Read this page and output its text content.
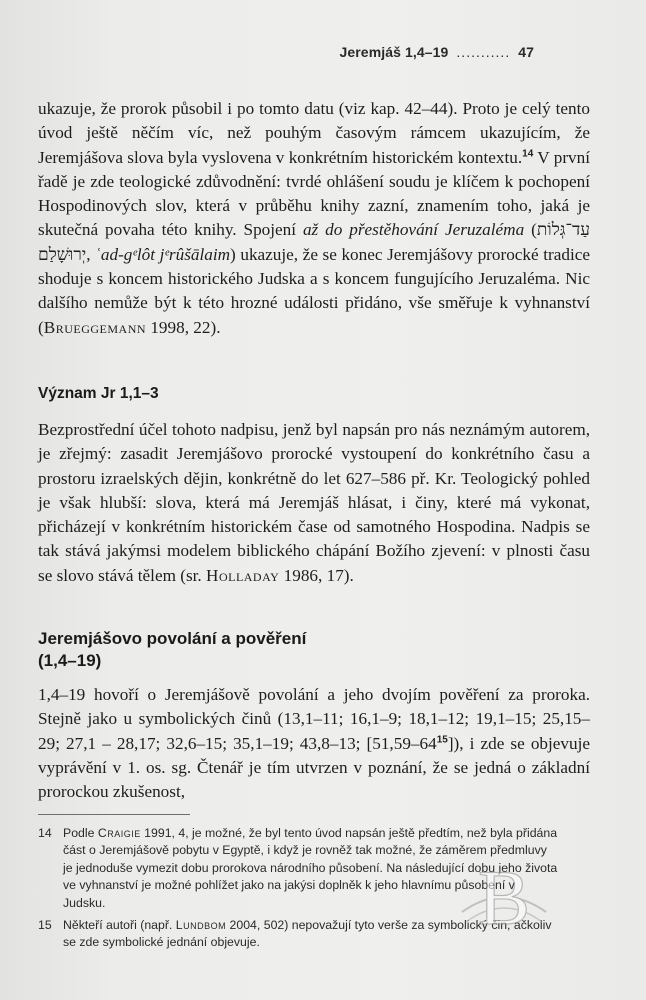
Jeremjáš 1,4–19 ........... 47
ukazuje, že prorok působil i po tomto datu (viz kap. 42–44). Proto je celý tento úvod ještě něčím víc, než pouhým časovým rámcem ukazujícím, že Jeremjášova slova byla vyslovena v konkrétním historickém kontextu.$^{14}$ V první řadě je zde teologické zdůvodnění: tvrdé ohlášení soudu je klíčem k pochopení Hospodinových slov, která v průběhu knihy zazní, znamením toho, jaká je skutečná povaha této knihy. Spojení až do přestěhování Jeruzaléma (עַד־גְּלוֹת יְרוּשָׁלַם, ʿad-gᵉlôt jᵉrûšālaim) ukazuje, že se konec Jeremjášovy prorocké tradice shoduje s koncem historického Judska a s koncem fungujícího Jeruzaléma. Nic dalšího nemůže být k této hrozné události přidáno, vše směřuje k vyhnanství (Brueggemann 1998, 22).
Význam Jr 1,1–3
Bezprostřední účel tohoto nadpisu, jenž byl napsán pro nás neznámým autorem, je zřejmý: zasadit Jeremjášovo prorocké vystoupení do konkrétního času a prostoru izraelských dějin, konkrétně do let 627–586 př. Kr. Teologický pohled je však hlubší: slova, která má Jeremjáš hlásat, i činy, které má vykonat, přicházejí v konkrétním historickém čase od samotného Hospodina. Nadpis se tak stává jakýmsi modelem biblického chápání Božího zjevení: v plnosti času se slovo stává tělem (sr. Holladay 1986, 17).
Jeremjášovo povolání a pověření
(1,4–19)
1,4–19 hovoří o Jeremjášově povolání a jeho dvojím pověření za proroka. Stejně jako u symbolických činů (13,1–11; 16,1–9; 18,1–12; 19,1–15; 25,15–29; 27,1 – 28,17; 32,6–15; 35,1–19; 43,8–13; $[51,59-64^{15}]$), i zde se objevuje vyprávění v 1. os. sg. Čtenář je tím utvrzen v poznání, že se jedná o základní prorockou zkušenost,
14 Podle Craigie 1991, 4, je možné, že byl tento úvod napsán ještě předtím, než byla přidána část o Jeremjášově pobytu v Egyptě, i když je rovněž tak možné, že záměrem předmluvy je jednoduše vymezit dobu prorokova národního působení. Na následující dobu jeho života ve vyhnanství je možné pohlížet jako na jakýsi doplněk k jeho hlavnímu působení v Judsku.
15 Někteří autoři (např. Lundbom 2004, 502) nepovažují tyto verše za symbolický čin, ačkoliv se zde symbolické jednání objevuje.
B
